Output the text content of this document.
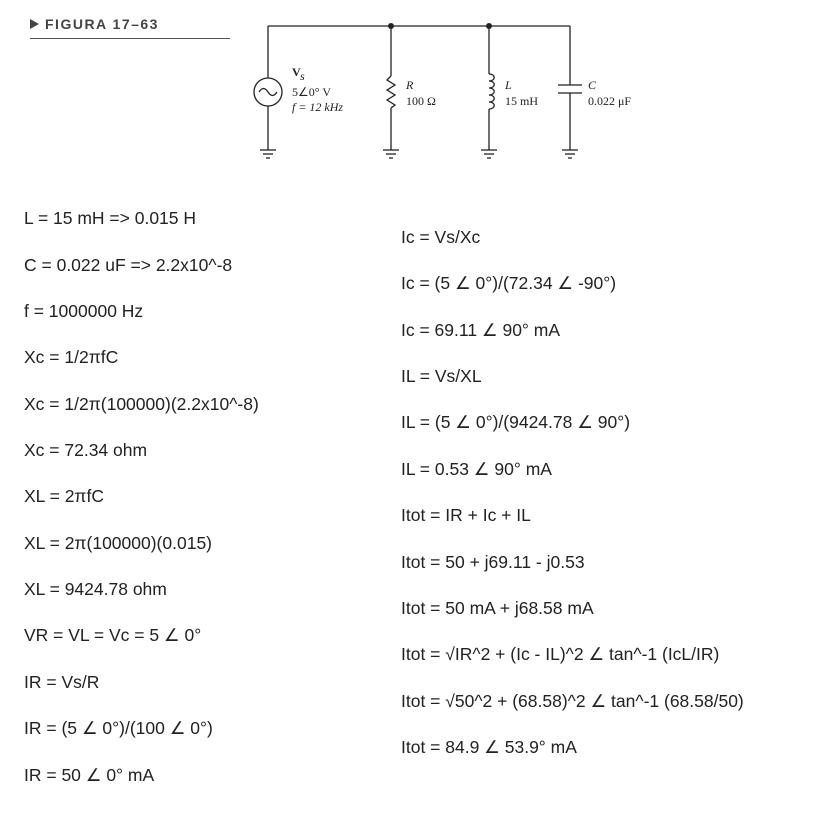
FIGURA 17–63
V s
5∠0° V
f = 12 kHz
R
100 Ω
L
15 mH
C
0.022 μF
L = 15 mH => 0.015 H
C = 0.022 uF => 2.2x10^-8
f = 1000000 Hz
Xc = 1/2πfC
Xc = 1/2π(100000)(2.2x10^-8)
Xc = 72.34 ohm
XL = 2πfC
XL = 2π(100000)(0.015)
XL = 9424.78 ohm
VR = VL = Vc = 5 ∠ 0°
IR = Vs/R
IR = (5 ∠ 0°)/(100 ∠ 0°)
IR = 50 ∠ 0° mA
Ic = Vs/Xc
Ic = (5 ∠ 0°)/(72.34 ∠ -90°)
Ic = 69.11 ∠ 90° mA
IL = Vs/XL
IL = (5 ∠ 0°)/(9424.78 ∠ 90°)
IL = 0.53 ∠ 90° mA
Itot = IR + Ic + IL
Itot = 50 + j69.11 - j0.53
Itot = 50 mA + j68.58 mA
Itot = √IR^2 + (Ic - IL)^2 ∠ tan^-1 (IcL/IR)
Itot = √50^2 + (68.58)^2 ∠ tan^-1 (68.58/50)
Itot = 84.9 ∠ 53.9° mA
